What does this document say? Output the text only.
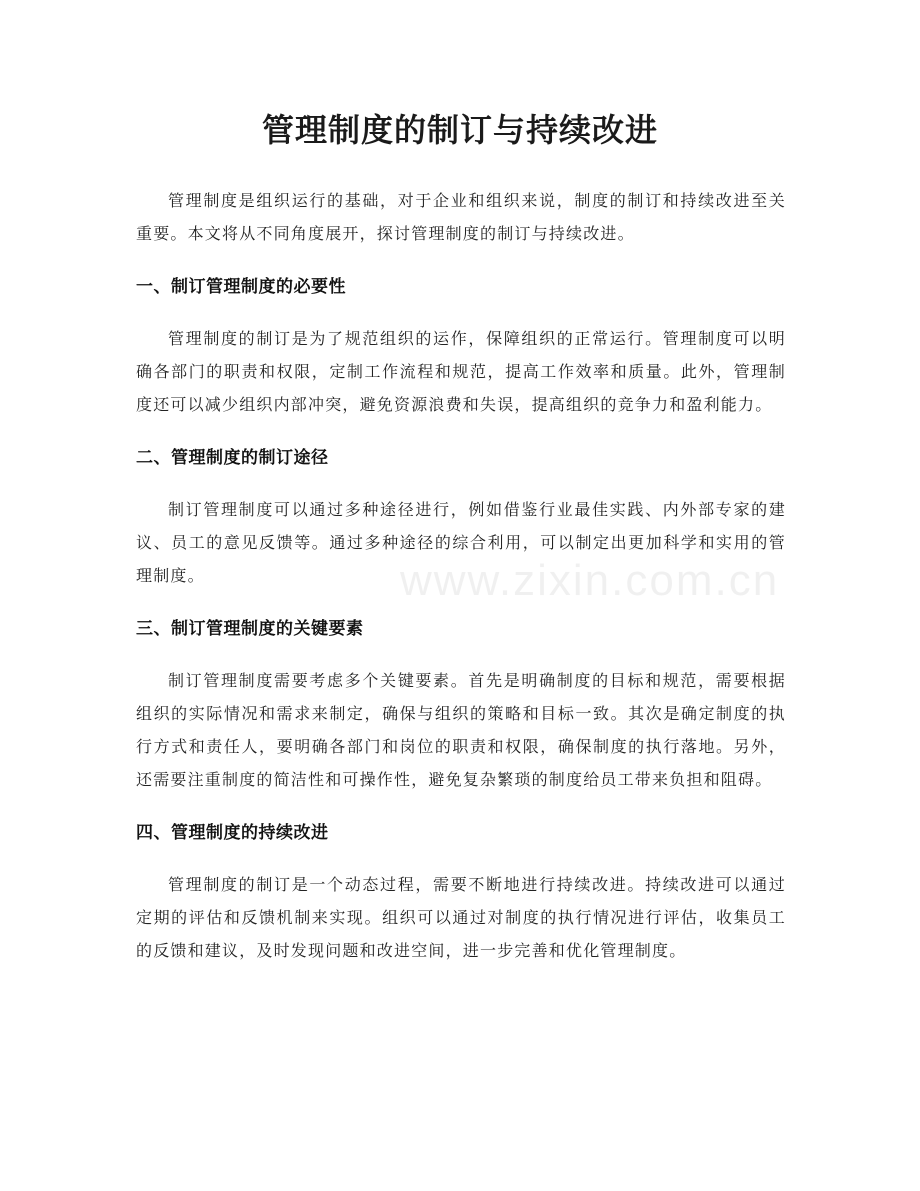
管理制度的制订与持续改进

管理制度是组织运行的基础，对于企业和组织来说，制度的制订和持续改进至关重要。本文将从不同角度展开，探讨管理制度的制订与持续改进。

一、制订管理制度的必要性

管理制度的制订是为了规范组织的运作，保障组织的正常运行。管理制度可以明确各部门的职责和权限，定制工作流程和规范，提高工作效率和质量。此外，管理制度还可以减少组织内部冲突，避免资源浪费和失误，提高组织的竞争力和盈利能力。

二、管理制度的制订途径

制订管理制度可以通过多种途径进行，例如借鉴行业最佳实践、内外部专家的建议、员工的意见反馈等。通过多种途径的综合利用，可以制定出更加科学和实用的管理制度。

三、制订管理制度的关键要素

制订管理制度需要考虑多个关键要素。首先是明确制度的目标和规范，需要根据组织的实际情况和需求来制定，确保与组织的策略和目标一致。其次是确定制度的执行方式和责任人，要明确各部门和岗位的职责和权限，确保制度的执行落地。另外，还需要注重制度的简洁性和可操作性，避免复杂繁琐的制度给员工带来负担和阻碍。

四、管理制度的持续改进

管理制度的制订是一个动态过程，需要不断地进行持续改进。持续改进可以通过定期的评估和反馈机制来实现。组织可以通过对制度的执行情况进行评估，收集员工的反馈和建议，及时发现问题和改进空间，进一步完善和优化管理制度。

www.zixin.com.cn
